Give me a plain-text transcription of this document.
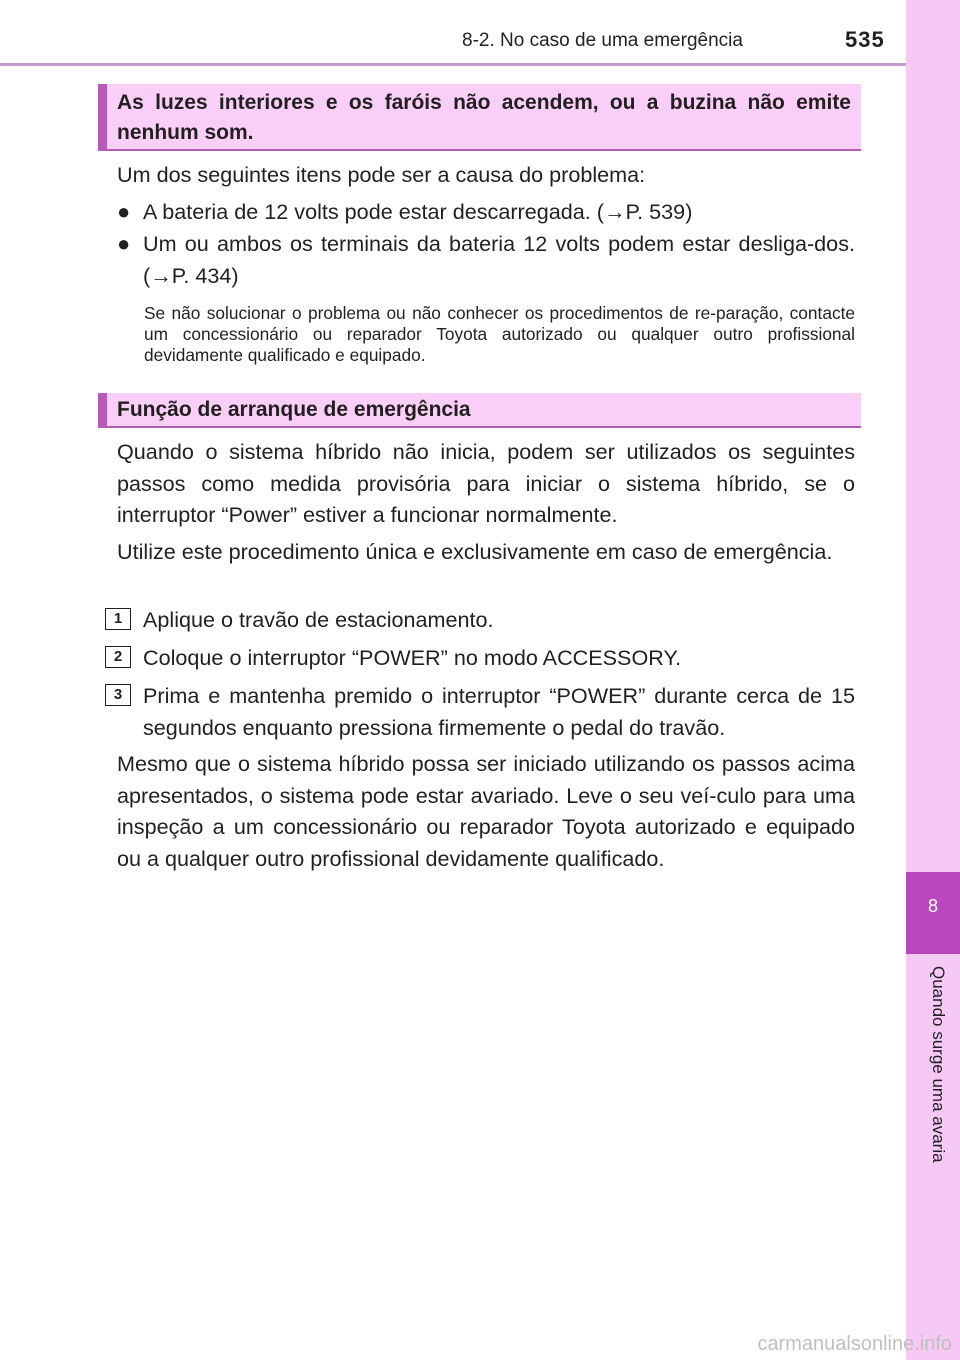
8-2. No caso de uma emergência	535
8
Quando surge uma avaria
As luzes interiores e os faróis não acendem, ou a buzina não emite nenhum som.

Um dos seguintes itens pode ser a causa do problema:

● A bateria de 12 volts pode estar descarregada. (→P. 539)
● Um ou ambos os terminais da bateria 12 volts podem estar desliga-dos. (→P. 434)

Se não solucionar o problema ou não conhecer os procedimentos de re-paração, contacte um concessionário ou reparador Toyota autorizado ou qualquer outro profissional devidamente qualificado e equipado.

Função de arranque de emergência

Quando o sistema híbrido não inicia, podem ser utilizados os seguintes passos como medida provisória para iniciar o sistema híbrido, se o interruptor “Power” estiver a funcionar normalmente.

Utilize este procedimento única e exclusivamente em caso de emergência.

1 Aplique o travão de estacionamento.
2 Coloque o interruptor “POWER” no modo ACCESSORY.
3 Prima e mantenha premido o interruptor “POWER” durante cerca de 15 segundos enquanto pressiona firmemente o pedal do travão.

Mesmo que o sistema híbrido possa ser iniciado utilizando os passos acima apresentados, o sistema pode estar avariado. Leve o seu veí-culo para uma inspeção a um concessionário ou reparador Toyota autorizado e equipado ou a qualquer outro profissional devidamente qualificado.

carmanualsonline.info
